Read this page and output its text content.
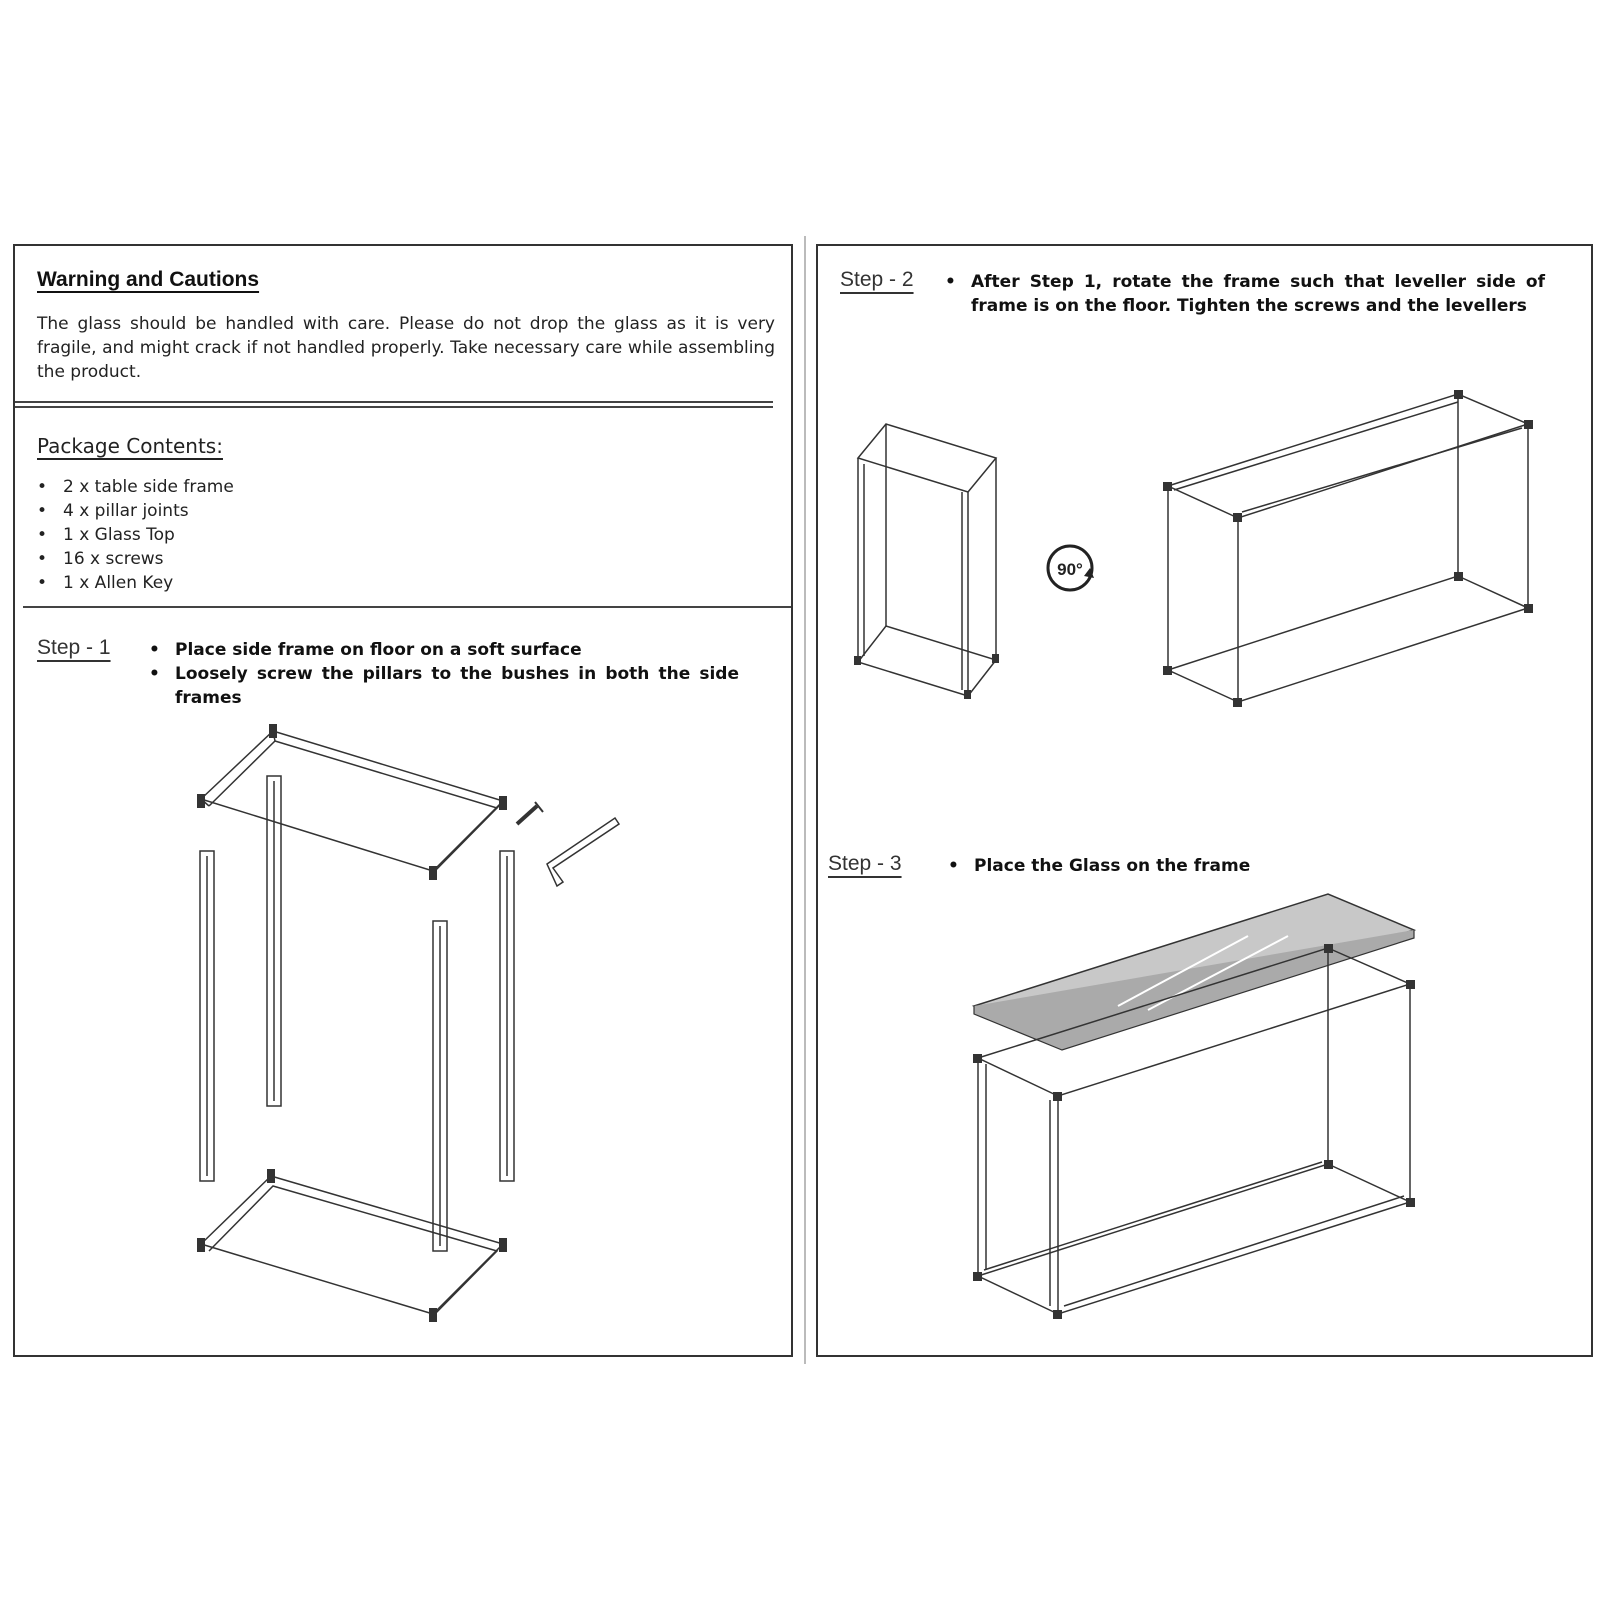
Warning and Cautions
The glass should be handled with care. Please do not drop the glass as it is very fragile, and might crack if not handled properly. Take necessary care while assembling the product.
Package Contents:
• 2 x table side frame
• 4 x pillar joints
• 1 x Glass Top
• 16 x screws
• 1 x Allen Key
Step - 1	• Place side frame on floor on a soft surface
• Loosely screw the pillars to the bushes in both the side frames
Step - 2	• After Step 1, rotate the frame such that leveller side of frame is on the floor. Tighten the screws and the levellers
90°
Step - 3	• Place the Glass on the frame
